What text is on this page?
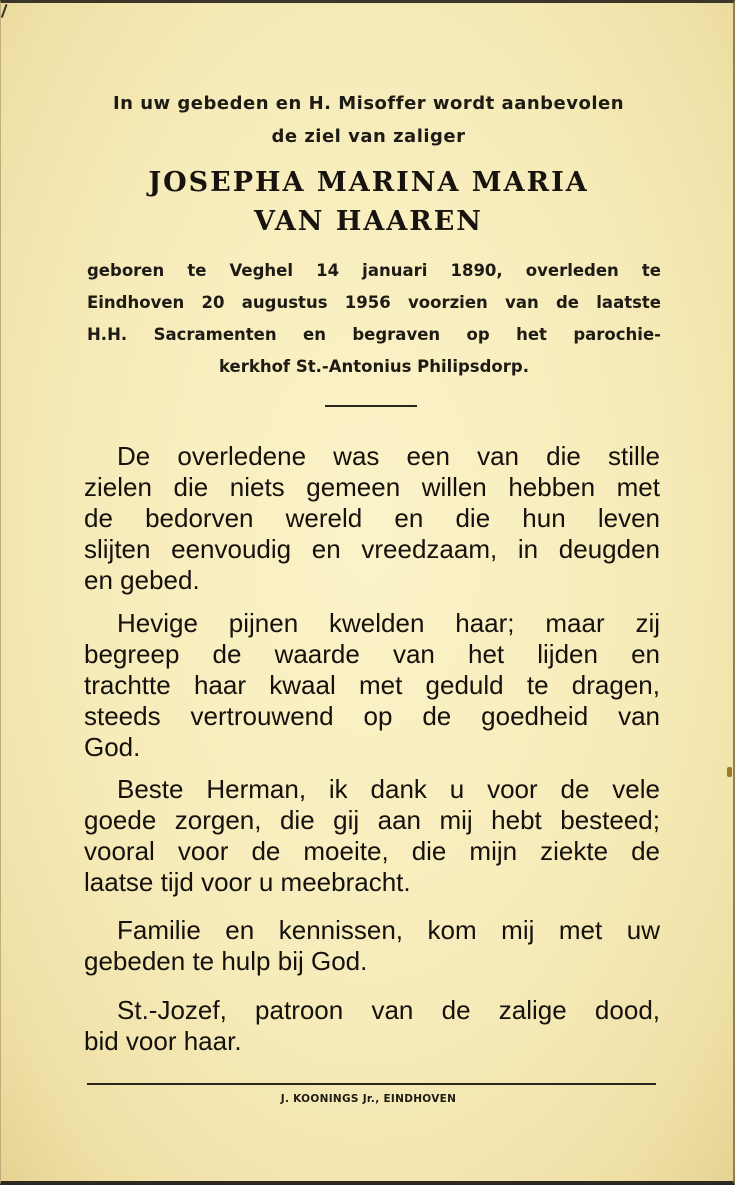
In uw gebeden en H. Misoffer wordt aanbevolen
de ziel van zaliger
JOSEPHA MARINA MARIA
VAN HAAREN
geboren te Veghel 14 januari 1890, overleden te
Eindhoven 20 augustus 1956 voorzien van de laatste
H.H. Sacramenten en begraven op het parochie-
kerkhof St.-Antonius Philipsdorp.
De overledene was een van die stille
zielen die niets gemeen willen hebben met
de bedorven wereld en die hun leven
slijten eenvoudig en vreedzaam, in deugden
en gebed.
Hevige pijnen kwelden haar; maar zij
begreep de waarde van het lijden en
trachtte haar kwaal met geduld te dragen,
steeds vertrouwend op de goedheid van
God.
Beste Herman, ik dank u voor de vele
goede zorgen, die gij aan mij hebt besteed;
vooral voor de moeite, die mijn ziekte de
laatse tijd voor u meebracht.
Familie en kennissen, kom mij met uw
gebeden te hulp bij God.
St.-Jozef, patroon van de zalige dood,
bid voor haar.
J. KOONINGS Jr., EINDHOVEN
